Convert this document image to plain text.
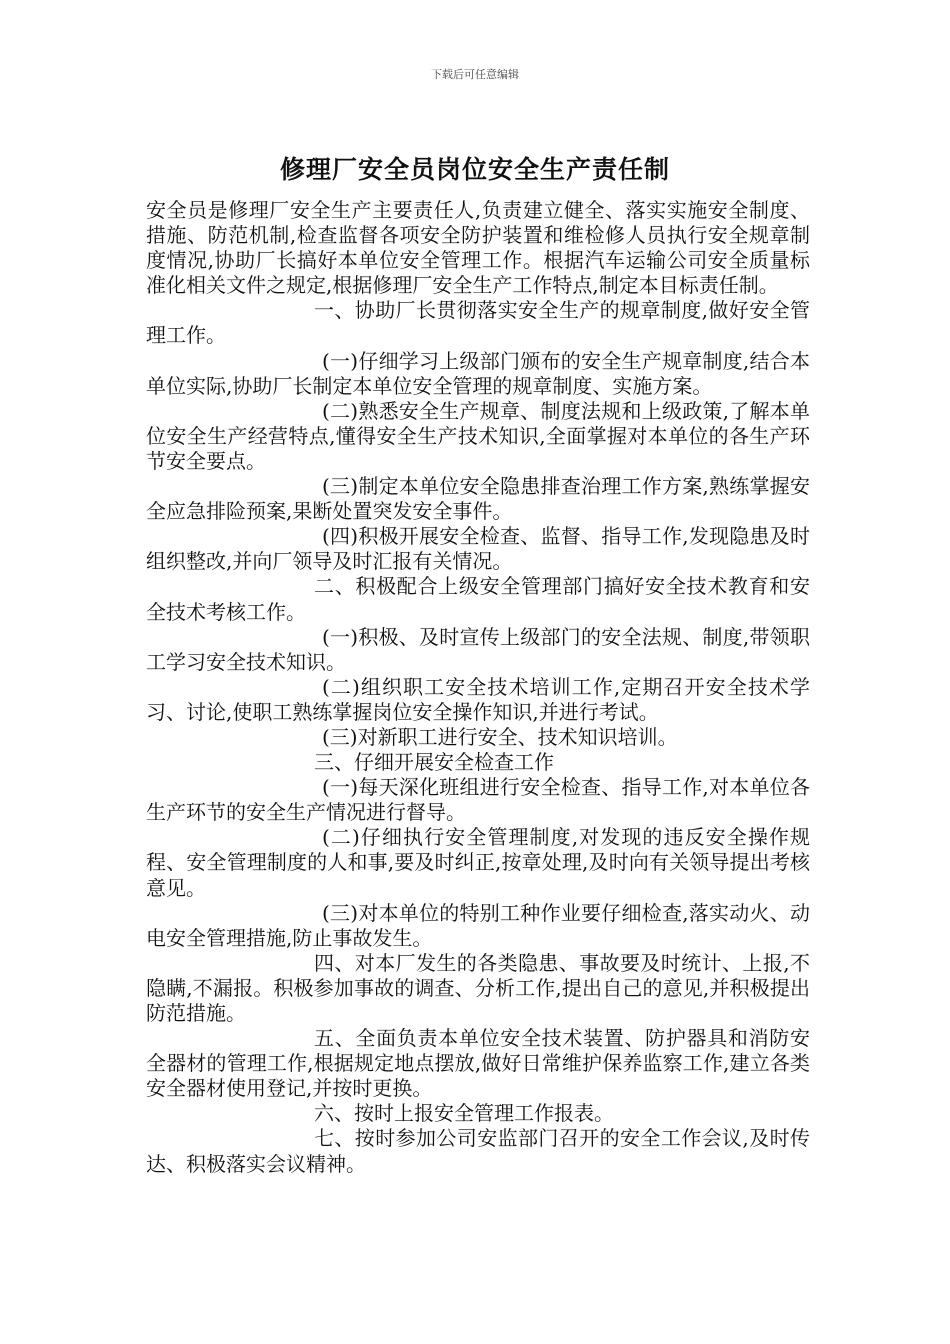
下载后可任意编辑
修理厂安全员岗位安全生产责任制

安全员是修理厂安全生产主要责任人,负责建立健全、落实实施安全制度、措施、防范机制,检查监督各项安全防护装置和维检修人员执行安全规章制度情况,协助厂长搞好本单位安全管理工作。根据汽车运输公司安全质量标准化相关文件之规定,根据修理厂安全生产工作特点,制定本目标责任制。

一、协助厂长贯彻落实安全生产的规章制度,做好安全管理工作。

(一)仔细学习上级部门颁布的安全生产规章制度,结合本单位实际,协助厂长制定本单位安全管理的规章制度、实施方案。

(二)熟悉安全生产规章、制度法规和上级政策,了解本单位安全生产经营特点,懂得安全生产技术知识,全面掌握对本单位的各生产环节安全要点。

(三)制定本单位安全隐患排查治理工作方案,熟练掌握安全应急排险预案,果断处置突发安全事件。

(四)积极开展安全检查、监督、指导工作,发现隐患及时组织整改,并向厂领导及时汇报有关情况。

二、积极配合上级安全管理部门搞好安全技术教育和安全技术考核工作。

(一)积极、及时宣传上级部门的安全法规、制度,带领职工学习安全技术知识。

(二)组织职工安全技术培训工作,定期召开安全技术学习、讨论,使职工熟练掌握岗位安全操作知识,并进行考试。

(三)对新职工进行安全、技术知识培训。

三、仔细开展安全检查工作

(一)每天深化班组进行安全检查、指导工作,对本单位各生产环节的安全生产情况进行督导。

(二)仔细执行安全管理制度,对发现的违反安全操作规程、安全管理制度的人和事,要及时纠正,按章处理,及时向有关领导提出考核意见。

(三)对本单位的特别工种作业要仔细检查,落实动火、动电安全管理措施,防止事故发生。

四、对本厂发生的各类隐患、事故要及时统计、上报,不隐瞒,不漏报。积极参加事故的调查、分析工作,提出自己的意见,并积极提出防范措施。

五、全面负责本单位安全技术装置、防护器具和消防安全器材的管理工作,根据规定地点摆放,做好日常维护保养监察工作,建立各类安全器材使用登记,并按时更换。

六、按时上报安全管理工作报表。

七、按时参加公司安监部门召开的安全工作会议,及时传达、积极落实会议精神。
